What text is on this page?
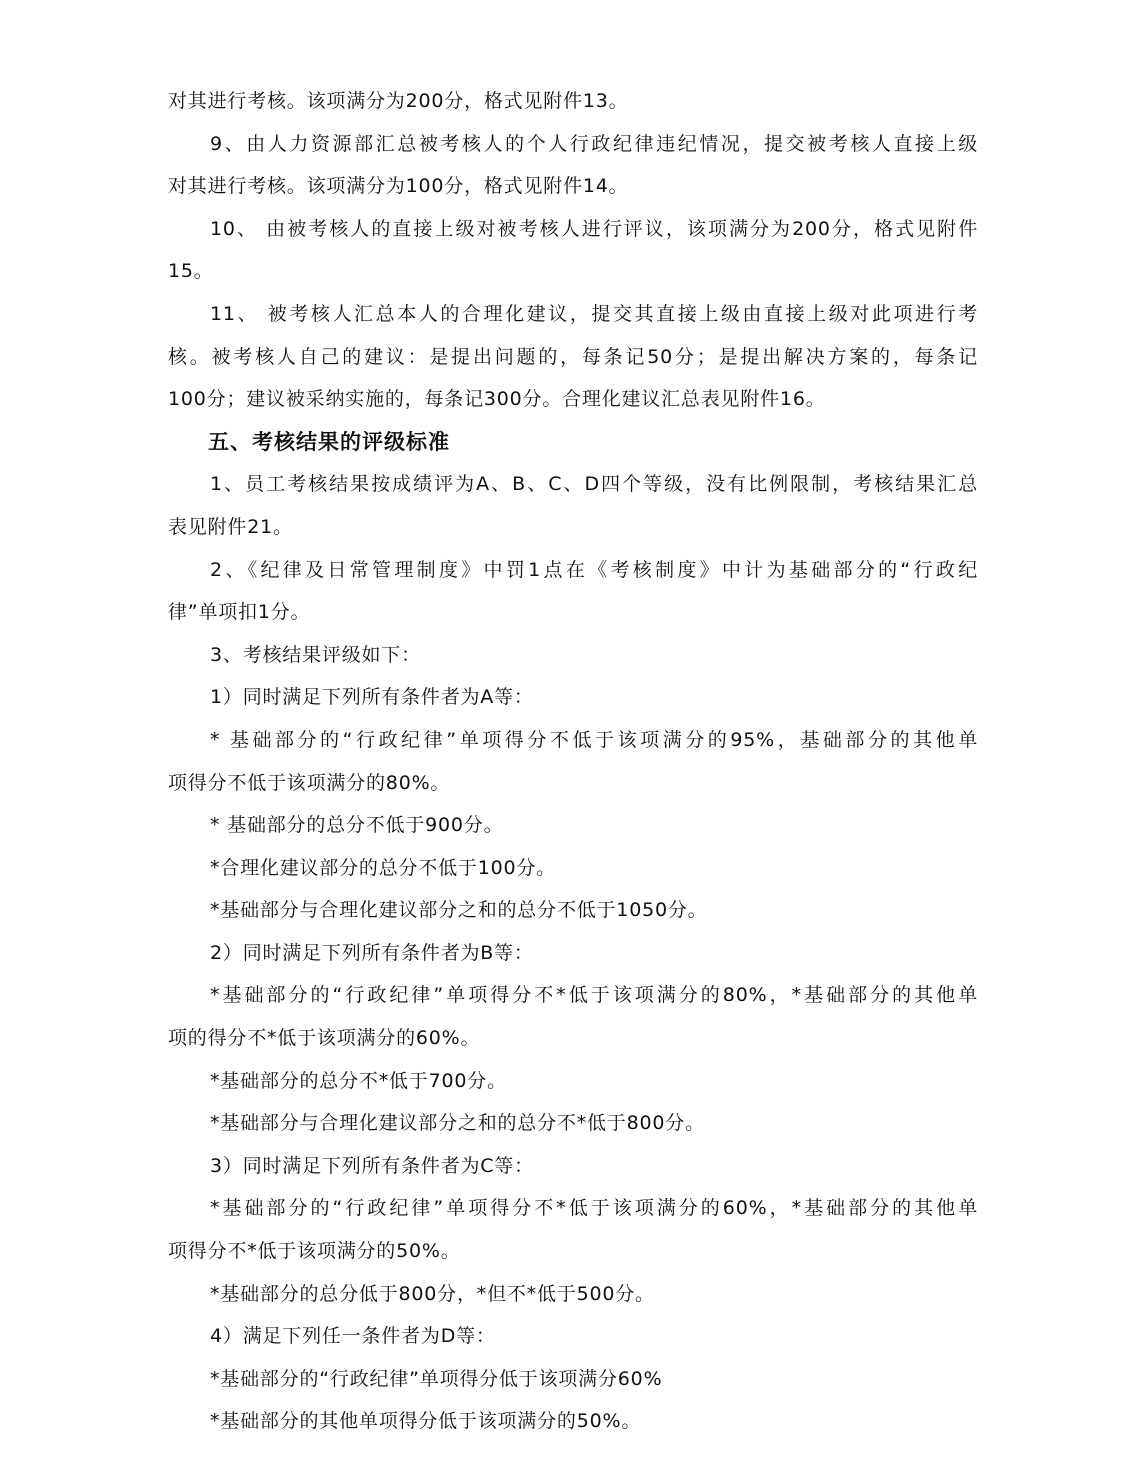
对其进行考核。该项满分为200分，格式见附件13。
9、由人力资源部汇总被考核人的个人行政纪律违纪情况，提交被考核人直接上级
对其进行考核。该项满分为100分，格式见附件14。
10、 由被考核人的直接上级对被考核人进行评议，该项满分为200分，格式见附件
15。
11、 被考核人汇总本人的合理化建议，提交其直接上级由直接上级对此项进行考
核。被考核人自己的建议：是提出问题的，每条记50分；是提出解决方案的，每条记
100分；建议被采纳实施的，每条记300分。合理化建议汇总表见附件16。
五、考核结果的评级标准
1、员工考核结果按成绩评为A、B、C、D四个等级，没有比例限制，考核结果汇总
表见附件21。
2、《纪律及日常管理制度》中罚1点在《考核制度》中计为基础部分的“行政纪
律”单项扣1分。
3、考核结果评级如下：
1）同时满足下列所有条件者为A等：
* 基础部分的“行政纪律”单项得分不低于该项满分的95%，基础部分的其他单
项得分不低于该项满分的80%。
* 基础部分的总分不低于900分。
*合理化建议部分的总分不低于100分。
*基础部分与合理化建议部分之和的总分不低于1050分。
2）同时满足下列所有条件者为B等：
*基础部分的“行政纪律”单项得分不*低于该项满分的80%，*基础部分的其他单
项的得分不*低于该项满分的60%。
*基础部分的总分不*低于700分。
*基础部分与合理化建议部分之和的总分不*低于800分。
3）同时满足下列所有条件者为C等：
*基础部分的“行政纪律”单项得分不*低于该项满分的60%，*基础部分的其他单
项得分不*低于该项满分的50%。
*基础部分的总分低于800分，*但不*低于500分。
4）满足下列任一条件者为D等：
*基础部分的“行政纪律”单项得分低于该项满分60%
*基础部分的其他单项得分低于该项满分的50%。
